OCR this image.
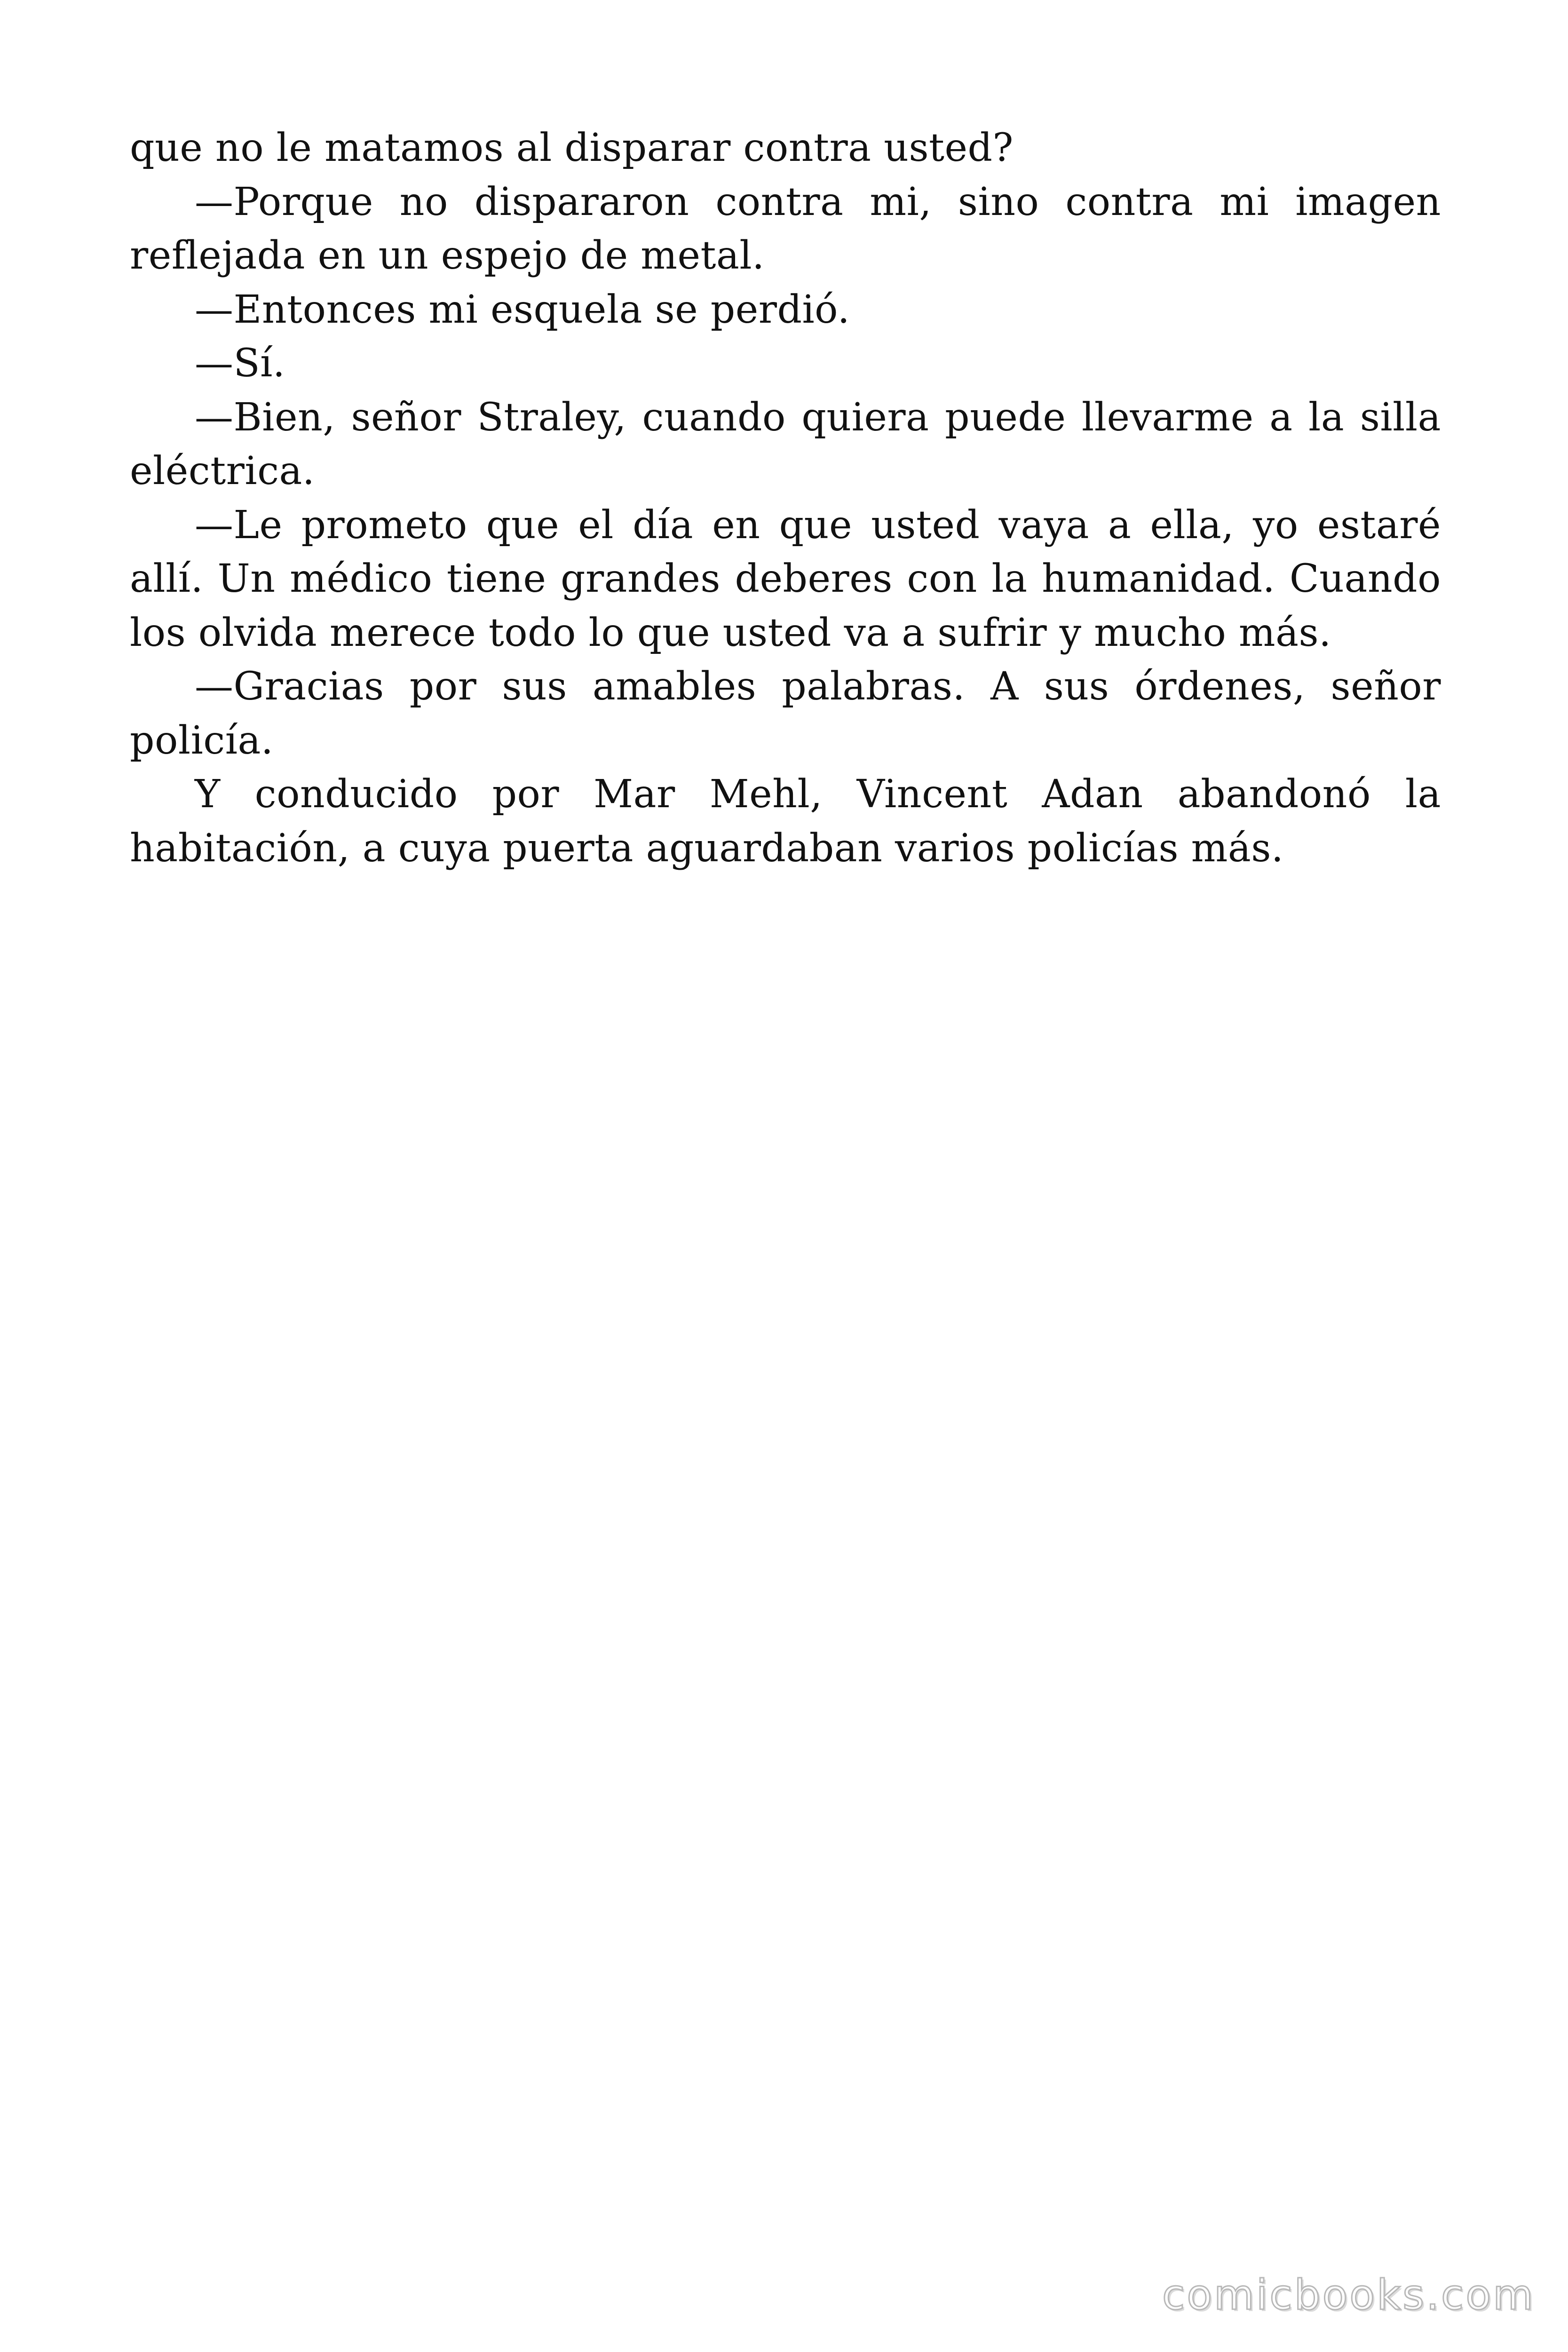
que no le matamos al disparar contra usted?

—Porque no dispararon contra mi, sino contra mi imagen reflejada en un espejo de metal.

—Entonces mi esquela se perdió.

—Sí.

—Bien, señor Straley, cuando quiera puede llevarme a la silla eléctrica.

—Le prometo que el día en que usted vaya a ella, yo estaré allí. Un médico tiene grandes deberes con la humanidad. Cuando los olvida merece todo lo que usted va a sufrir y mucho más.

—Gracias por sus amables palabras. A sus órdenes, señor policía.

Y conducido por Mar Mehl, Vincent Adan abandonó la habitación, a cuya puerta aguardaban varios policías más.

comicbooks.com
